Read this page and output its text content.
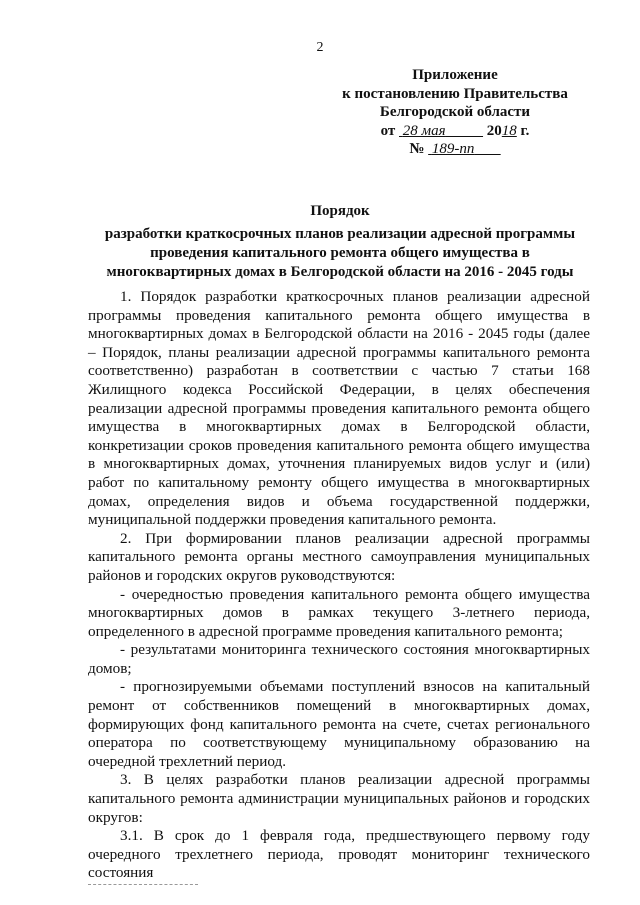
2
Приложение
к постановлению Правительства
Белгородской области
от 28 мая	2018 г.
№ 189-пп
Порядок
разработки краткосрочных планов реализации адресной программы проведения капитального ремонта общего имущества в многоквартирных домах в Белгородской области на 2016 - 2045 годы

1. Порядок разработки краткосрочных планов реализации адресной программы проведения капитального ремонта общего имущества в многоквартирных домах в Белгородской области на 2016 - 2045 годы (далее – Порядок, планы реализации адресной программы капитального ремонта соответственно) разработан в соответствии с частью 7 статьи 168 Жилищного кодекса Российской Федерации, в целях обеспечения реализации адресной программы проведения капитального ремонта общего имущества в многоквартирных домах в Белгородской области, конкретизации сроков проведения капитального ремонта общего имущества в многоквартирных домах, уточнения планируемых видов услуг и (или) работ по капитальному ремонту общего имущества в многоквартирных домах, определения видов и объема государственной поддержки, муниципальной поддержки проведения капитального ремонта.

2. При формировании планов реализации адресной программы капитального ремонта органы местного самоуправления муниципальных районов и городских округов руководствуются:

- очередностью проведения капитального ремонта общего имущества многоквартирных домов в рамках текущего 3-летнего периода, определенного в адресной программе проведения капитального ремонта;

- результатами мониторинга технического состояния многоквартирных домов;

- прогнозируемыми объемами поступлений взносов на капитальный ремонт от собственников помещений в многоквартирных домах, формирующих фонд капитального ремонта на счете, счетах регионального оператора по соответствующему муниципальному образованию на очередной трехлетний период.

3. В целях разработки планов реализации адресной программы капитального ремонта администрации муниципальных районов и городских округов:

3.1. В срок до 1 февраля года, предшествующего первому году очередного трехлетнего периода, проводят мониторинг технического состояния
